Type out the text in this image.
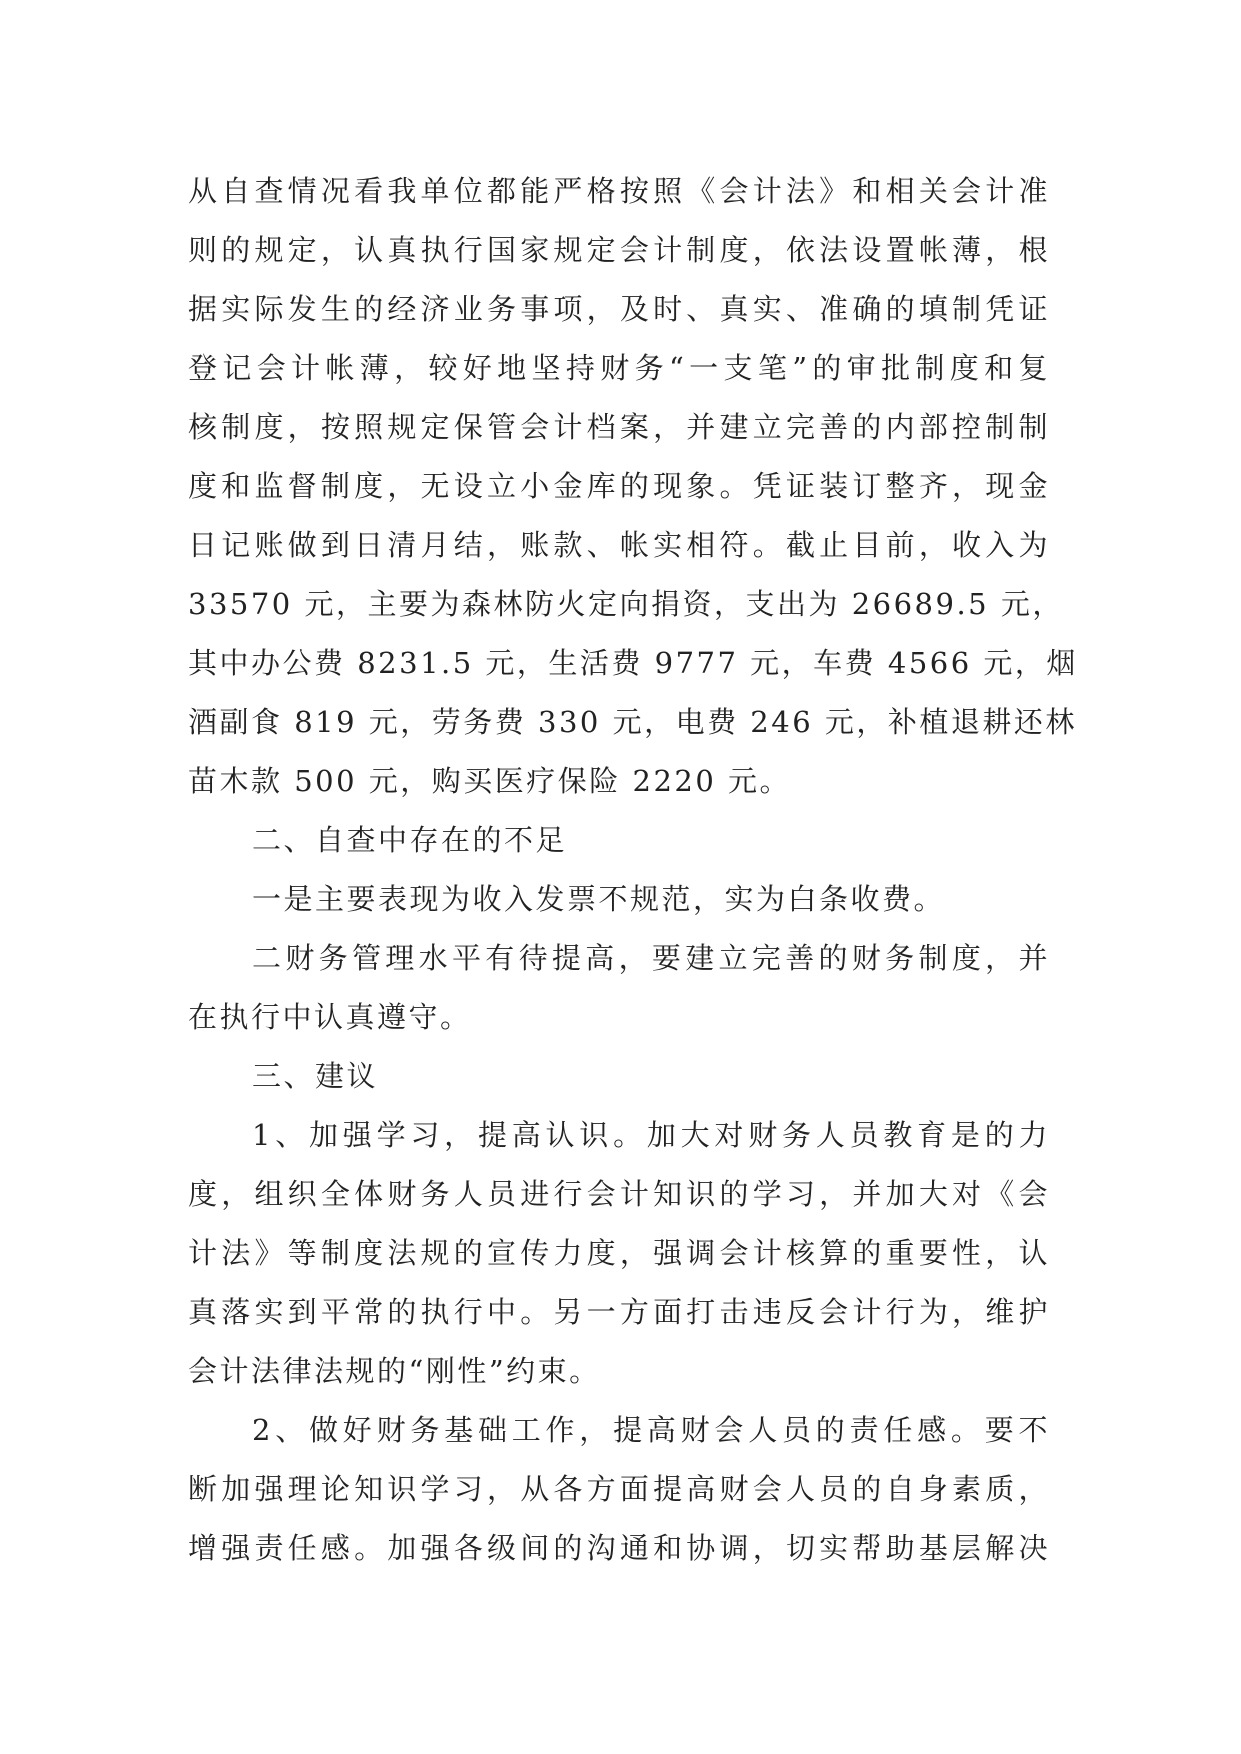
从自查情况看我单位都能严格按照《会计法》和相关会计准
则的规定，认真执行国家规定会计制度，依法设置帐薄，根
据实际发生的经济业务事项，及时、真实、准确的填制凭证
登记会计帐薄，较好地坚持财务“一支笔”的审批制度和复
核制度，按照规定保管会计档案，并建立完善的内部控制制
度和监督制度，无设立小金库的现象。凭证装订整齐，现金
日记账做到日清月结，账款、帐实相符。截止目前，收入为
33570 元，主要为森林防火定向捐资，支出为 26689.5 元，
其中办公费 8231.5 元，生活费 9777 元，车费 4566 元，烟
酒副食 819 元，劳务费 330 元，电费 246 元，补植退耕还林
苗木款 500 元，购买医疗保险 2220 元。
二、自查中存在的不足
一是主要表现为收入发票不规范，实为白条收费。
二财务管理水平有待提高，要建立完善的财务制度，并
在执行中认真遵守。
三、建议
1、加强学习，提高认识。加大对财务人员教育是的力
度，组织全体财务人员进行会计知识的学习，并加大对《会
计法》等制度法规的宣传力度，强调会计核算的重要性，认
真落实到平常的执行中。另一方面打击违反会计行为，维护
会计法律法规的“刚性”约束。
2、做好财务基础工作，提高财会人员的责任感。要不
断加强理论知识学习，从各方面提高财会人员的自身素质，
增强责任感。加强各级间的沟通和协调，切实帮助基层解决
